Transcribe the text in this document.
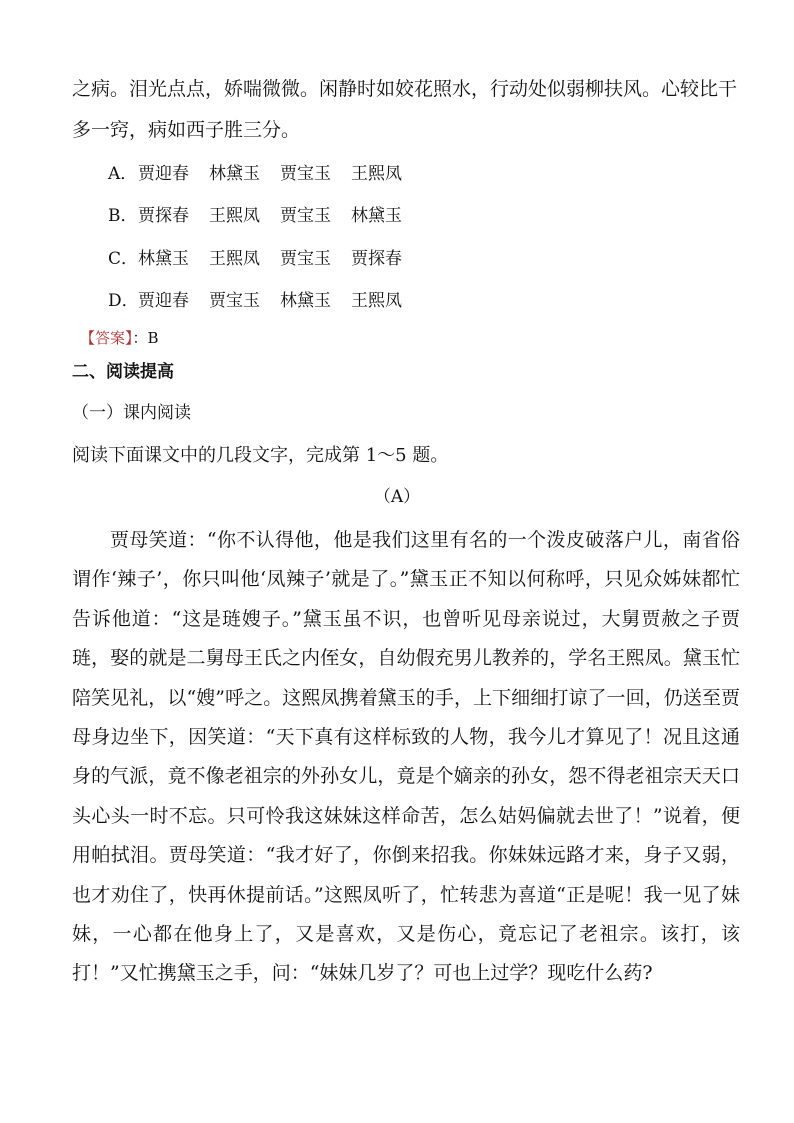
之病。泪光点点，娇喘微微。闲静时如姣花照水，行动处似弱柳扶风。心较比干
多一窍，病如西子胜三分。
A．贾迎春 林黛玉 贾宝玉 王熙凤
B．贾探春 王熙凤 贾宝玉 林黛玉
C．林黛玉 王熙凤 贾宝玉 贾探春
D．贾迎春 贾宝玉 林黛玉 王熙凤
【答案】：B
二、阅读提高
（一）课内阅读
阅读下面课文中的几段文字，完成第 1～5 题。
（A）
贾母笑道：“你不认得他，他是我们这里有名的一个泼皮破落户儿，南省俗谓作‘辣子’，你只叫他‘凤辣子’就是了。”黛玉正不知以何称呼，只见众姊妹都忙告诉他道：“这是琏嫂子。”黛玉虽不识，也曾听见母亲说过，大舅贾赦之子贾琏，娶的就是二舅母王氏之内侄女，自幼假充男儿教养的，学名王熙凤。黛玉忙陪笑见礼，以“嫂”呼之。这熙凤携着黛玉的手，上下细细打谅了一回，仍送至贾母身边坐下，因笑道：“天下真有这样标致的人物，我今儿才算见了！况且这通身的气派，竟不像老祖宗的外孙女儿，竟是个嫡亲的孙女，怨不得老祖宗天天口头心头一时不忘。只可怜我这妹妹这样命苦，怎么姑妈偏就去世了！”说着，便用帕拭泪。贾母笑道：“我才好了，你倒来招我。你妹妹远路才来，身子又弱，也才劝住了，快再休提前话。”这熙凤听了，忙转悲为喜道“正是呢！我一见了妹妹，一心都在他身上了，又是喜欢，又是伤心，竟忘记了老祖宗。该打，该打！”又忙携黛玉之手，问：“妹妹几岁了？可也上过学？现吃什么药?
